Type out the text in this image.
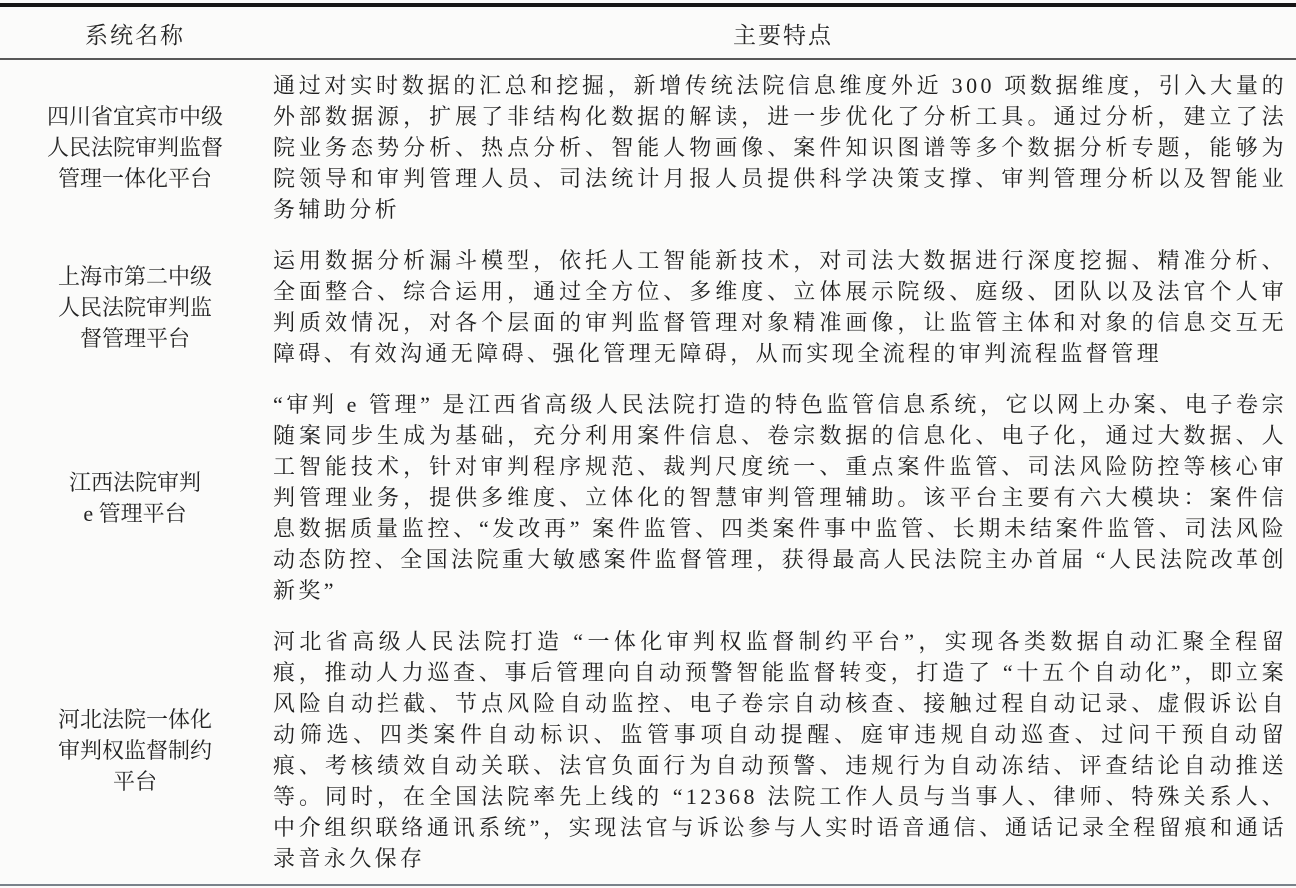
系统名称	主要特点

四川省宜宾市中级
人民法院审判监督
管理一体化平台	通过对实时数据的汇总和挖掘，新增传统法院信息维度外近 300 项数据维度，引入大量的外部数据源，扩展了非结构化数据的解读，进一步优化了分析工具。通过分析，建立了法院业务态势分析、热点分析、智能人物画像、案件知识图谱等多个数据分析专题，能够为院领导和审判管理人员、司法统计月报人员提供科学决策支撑、审判管理分析以及智能业务辅助分析

上海市第二中级
人民法院审判监
督管理平台	运用数据分析漏斗模型，依托人工智能新技术，对司法大数据进行深度挖掘、精准分析、全面整合、综合运用，通过全方位、多维度、立体展示院级、庭级、团队以及法官个人审判质效情况，对各个层面的审判监督管理对象精准画像，让监管主体和对象的信息交互无障碍、有效沟通无障碍、强化管理无障碍，从而实现全流程的审判流程监督管理

江西法院审判
e 管理平台	“审判 e 管理” 是江西省高级人民法院打造的特色监管信息系统，它以网上办案、电子卷宗随案同步生成为基础，充分利用案件信息、卷宗数据的信息化、电子化，通过大数据、人工智能技术，针对审判程序规范、裁判尺度统一、重点案件监管、司法风险防控等核心审判管理业务，提供多维度、立体化的智慧审判管理辅助。该平台主要有六大模块：案件信息数据质量监控、“发改再” 案件监管、四类案件事中监管、长期未结案件监管、司法风险动态防控、全国法院重大敏感案件监督管理，获得最高人民法院主办首届 “人民法院改革创新奖”

河北法院一体化
审判权监督制约
平台
	河北省高级人民法院打造 “一体化审判权监督制约平台”，实现各类数据自动汇聚全程留痕，推动人力巡查、事后管理向自动预警智能监督转变，打造了 “十五个自动化”，即立案风险自动拦截、节点风险自动监控、电子卷宗自动核查、接触过程自动记录、虚假诉讼自动筛选、四类案件自动标识、监管事项自动提醒、庭审违规自动巡查、过问干预自动留痕、考核绩效自动关联、法官负面行为自动预警、违规行为自动冻结、评查结论自动推送等。同时，在全国法院率先上线的 “12368 法院工作人员与当事人、律师、特殊关系人、中介组织联络通讯系统”，实现法官与诉讼参与人实时语音通信、通话记录全程留痕和通话录音永久保存
